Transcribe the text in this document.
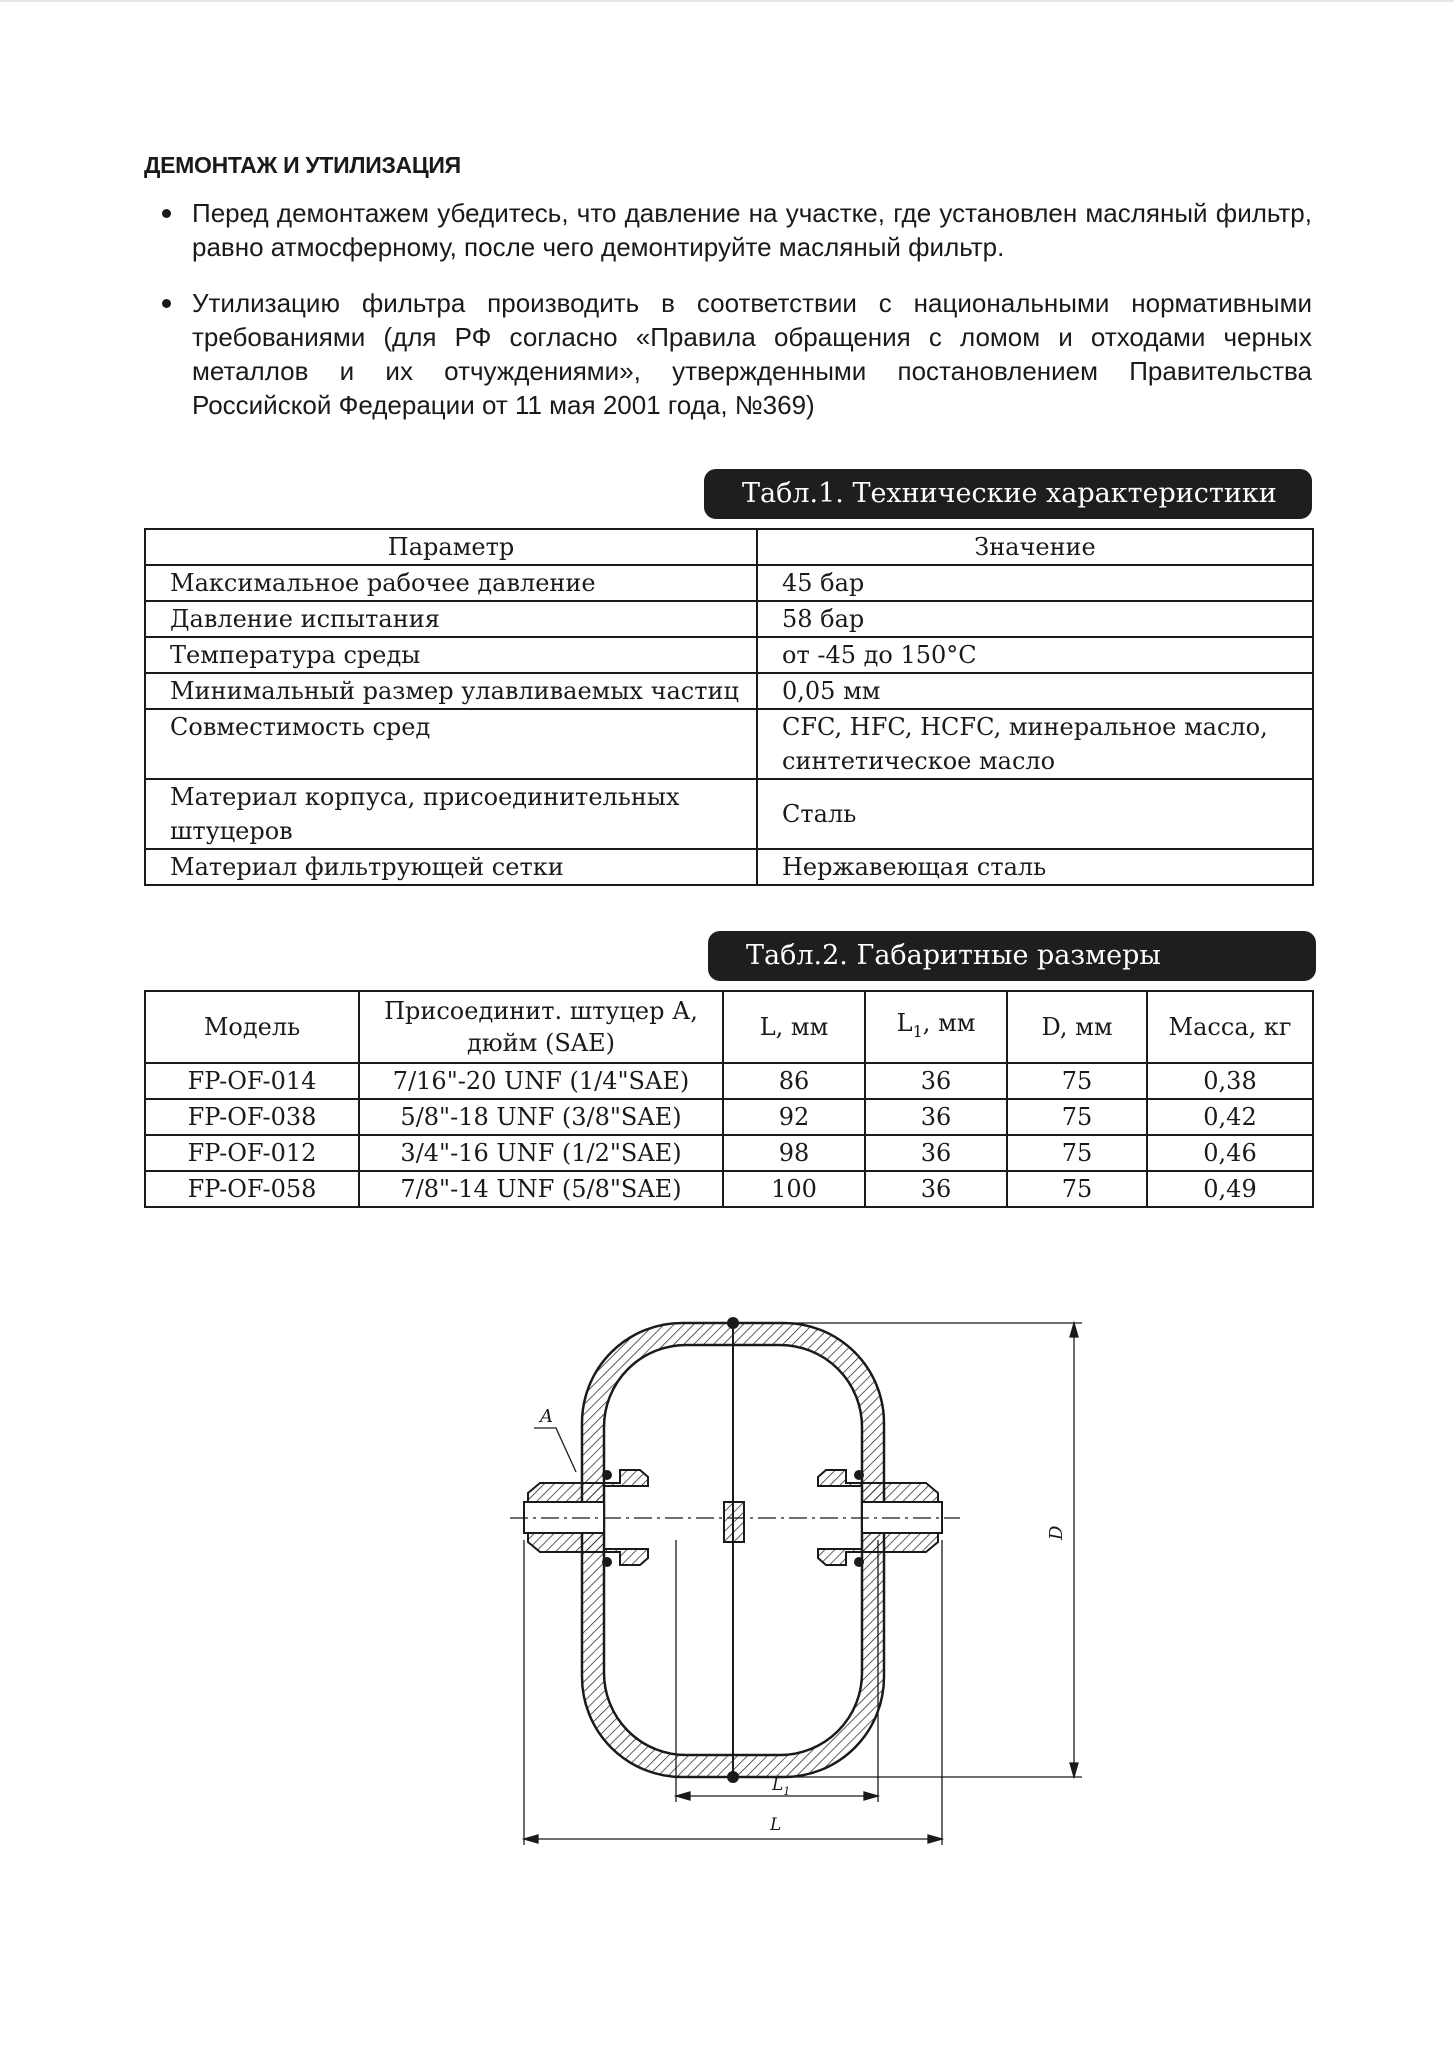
ДЕМОНТАЖ И УТИЛИЗАЦИЯ
Перед демонтажем убедитесь, что давление на участке, где установлен масляный фильтр, равно атмосферному, после чего демонтируйте масляный фильтр.
Утилизацию фильтра производить в соответствии с национальными нормативными требованиями (для РФ согласно «Правила обращения с ломом и отходами черных металлов и их отчуждениями», утвержденными постановлением Правительства Российской Федерации от 11 мая 2001 года, №369)
Табл.1. Технические характеристики
Параметр	Значение
Максимальное рабочее давление	45 бар
Давление испытания	58 бар
Температура среды	от -45 до 150°С
Минимальный размер улавливаемых частиц	0,05 мм
Совместимость сред	CFC, HFC, HCFC, минеральное масло, синтетическое масло
Материал корпуса, присоединительных штуцеров	Сталь
Материал фильтрующей сетки	Нержавеющая сталь
Табл.2. Габаритные размеры
Модель	Присоединит. штуцер А, дюйм (SAE)	L, мм	$L_1$, мм	D, мм	Масса, кг
FP-OF-014	7/16"-20 UNF (1/4"SAE)	86	36	75	0,38
FP-OF-038	5/8"-18 UNF (3/8"SAE)	92	36	75	0,42
FP-OF-012	3/4"-16 UNF (1/2"SAE)	98	36	75	0,46
FP-OF-058	7/8"-14 UNF (5/8"SAE)	100	36	75	0,49
A
D
$L_1$
L
